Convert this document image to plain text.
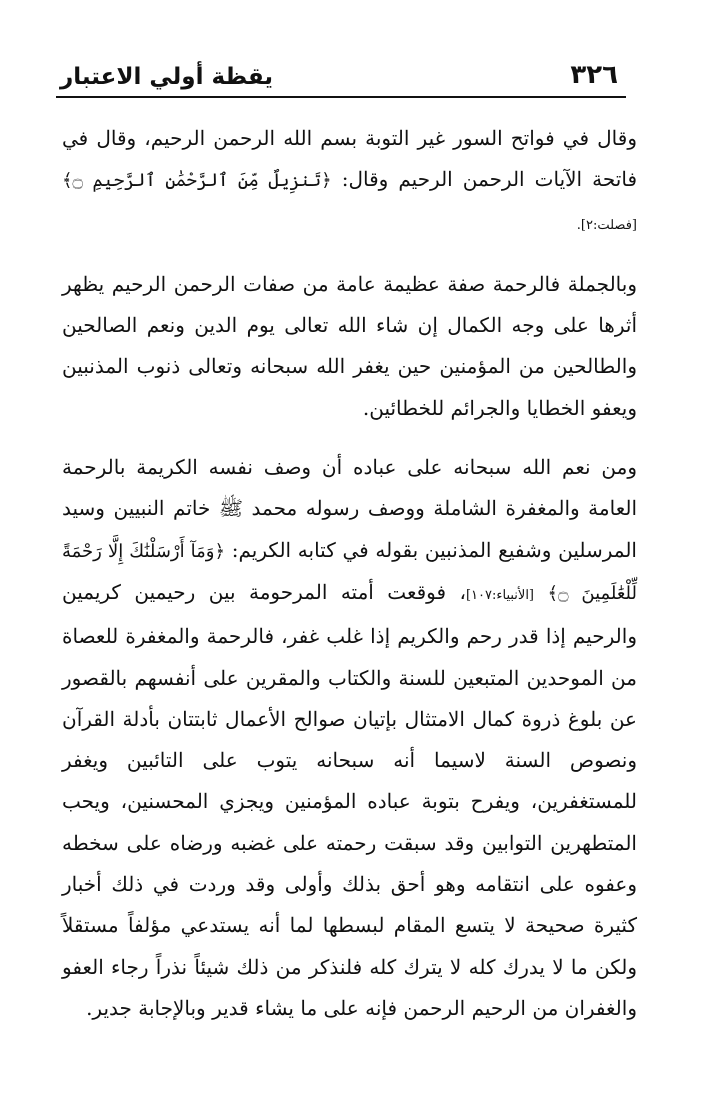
يقظة أولي الاعتبار	٣٢٦

وقال في فواتح السور غير التوبة بسم الله الرحمن الرحيم، وقال في فاتحة الآيات الرحمن الرحيم وقال: ﴿تَنزِيلٌ مِّنَ ٱلرَّحْمَٰنِ ٱلرَّحِيمِ ۝﴾ [فصلت:٢].

وبالجملة فالرحمة صفة عظيمة عامة من صفات الرحمن الرحيم يظهر أثرها على وجه الكمال إن شاء الله تعالى يوم الدين ونعم الصالحين والطالحين من المؤمنين حين يغفر الله سبحانه وتعالى ذنوب المذنبين ويعفو الخطايا والجرائم للخطائين.

ومن نعم الله سبحانه على عباده أن وصف نفسه الكريمة بالرحمة العامة والمغفرة الشاملة ووصف رسوله محمد ﷺ خاتم النبيين وسيد المرسلين وشفيع المذنبين بقوله في كتابه الكريم: ﴿وَمَآ أَرْسَلْنَٰكَ إِلَّا رَحْمَةً لِّلْعَٰلَمِينَ ۝﴾ [الأنبياء:١٠٧]، فوقعت أمته المرحومة بين رحيمين كريمين والرحيم إذا قدر رحم والكريم إذا غلب غفر، فالرحمة والمغفرة للعصاة من الموحدين المتبعين للسنة والكتاب والمقرين على أنفسهم بالقصور عن بلوغ ذروة كمال الامتثال بإتيان صوالح الأعمال ثابتتان بأدلة القرآن ونصوص السنة لاسيما أنه سبحانه يتوب على التائبين ويغفر للمستغفرين، ويفرح بتوبة عباده المؤمنين ويجزي المحسنين، ويحب المتطهرين التوابين وقد سبقت رحمته على غضبه ورضاه على سخطه وعفوه على انتقامه وهو أحق بذلك وأولى وقد وردت في ذلك أخبار كثيرة صحيحة لا يتسع المقام لبسطها لما أنه يستدعي مؤلفاً مستقلاً ولكن ما لا يدرك كله لا يترك كله فلنذكر من ذلك شيئاً نذراً رجاء العفو والغفران من الرحيم الرحمن فإنه على ما يشاء قدير وبالإجابة جدير.
